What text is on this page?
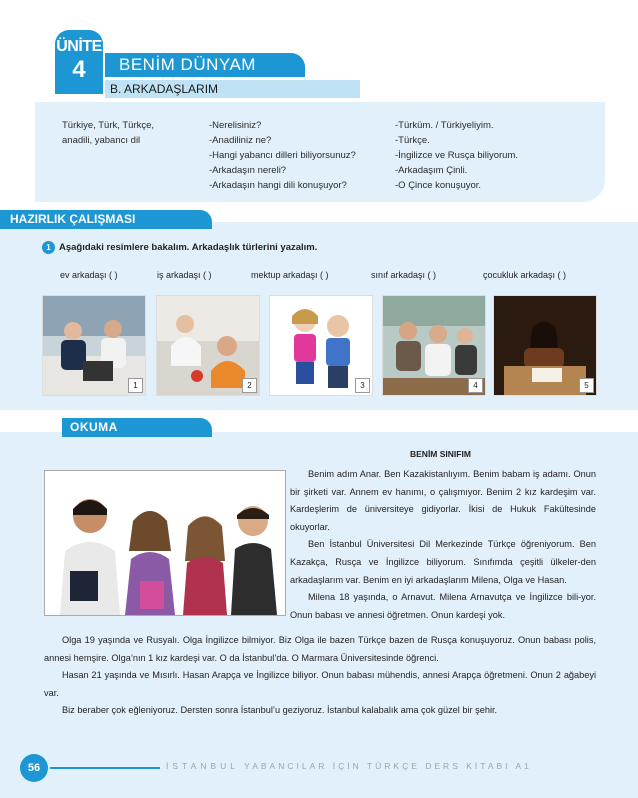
ÜNİTE
4	BENİM DÜNYAM
B. ARKADAŞLARIM
Türkiye, Türk, Türkçe,
anadili, yabancı dil
-Nerelisiniz?
-Anadiliniz ne?
-Hangi yabancı dilleri biliyorsunuz?
-Arkadaşın nereli?
-Arkadaşın hangi dili konuşuyor?
-Türküm. / Türkiyeliyim.
-Türkçe.
-İngilizce ve Rusça biliyorum.
-Arkadaşım Çinli.
-O Çince konuşuyor.
HAZIRLIK ÇALIŞMASI
1 Aşağıdaki resimlere bakalım. Arkadaşlık türlerini yazalım.
ev arkadaşı ( )	iş arkadaşı ( )	mektup arkadaşı ( )	sınıf arkadaşı ( )	çocukluk arkadaşı ( )
1	2	3	4	5
OKUMA
BENİM SINIFIM

Benim adım Anar. Ben Kazakistanlıyım. Benim babam iş adamı. Onun bir şirketi var. Annem ev hanımı, o çalışmıyor. Benim 2 kız kardeşim var. Kardeşlerim de üniversiteye gidiyorlar. İkisi de Hukuk Fakültesinde okuyorlar.

Ben İstanbul Üniversitesi Dil Merkezinde Türkçe öğreniyorum. Ben Kazakça, Rusça ve İngilizce biliyorum. Sınıfımda çeşitli ülkeler-den arkadaşlarım var. Benim en iyi arkadaşlarım Milena, Olga ve Hasan.

Milena 18 yaşında, o Arnavut. Milena Arnavutça ve İngilizce bili-yor. Onun babası ve annesi öğretmen. Onun kardeşi yok.

Olga 19 yaşında ve Rusyalı. Olga İngilizce bilmiyor. Biz Olga ile bazen Türkçe bazen de Rusça konuşuyoruz. Onun babası polis, annesi hemşire. Olga’nın 1 kız kardeşi var. O da İstanbul’da. O Marmara Üniversitesinde öğrenci.

Hasan 21 yaşında ve Mısırlı. Hasan Arapça ve İngilizce biliyor. Onun babası mühendis, annesi Arapça öğretmeni. Onun 2 ağabeyi var.

Biz beraber çok eğleniyoruz. Dersten sonra İstanbul’u geziyoruz. İstanbul kalabalık ama çok güzel bir şehir.

56	İSTANBUL YABANCILAR İÇİN TÜRKÇE DERS KİTABI A1
